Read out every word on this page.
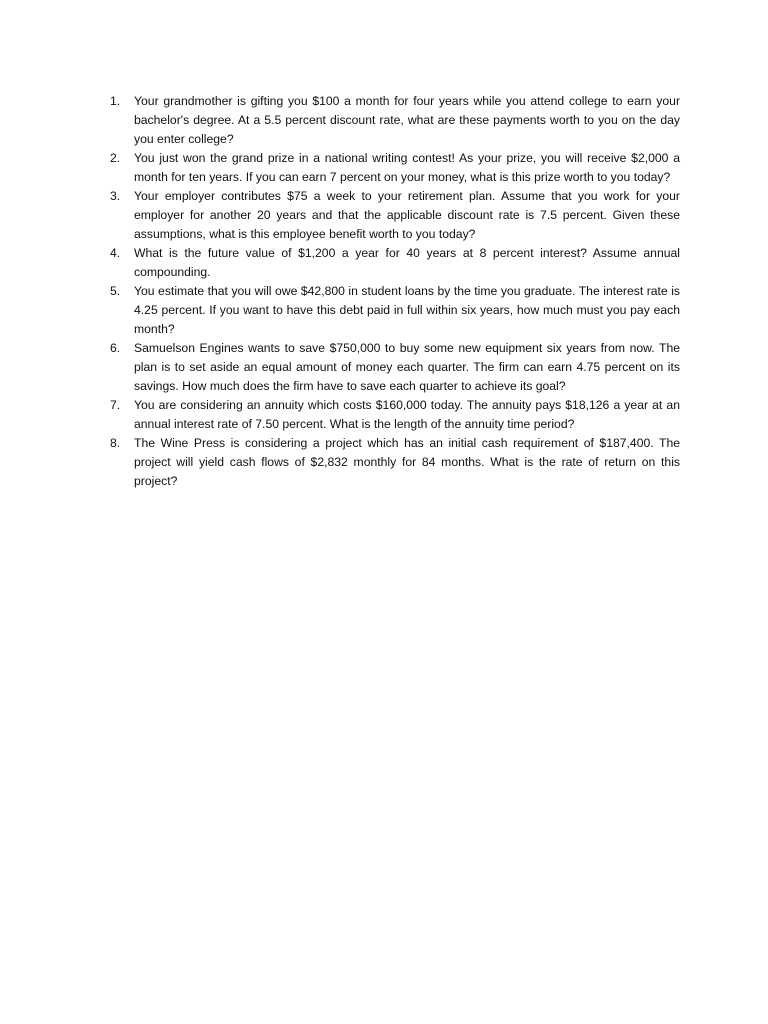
1.	Your grandmother is gifting you $100 a month for four years while you attend college to earn your bachelor's degree. At a 5.5 percent discount rate, what are these payments worth to you on the day you enter college?
2.	You just won the grand prize in a national writing contest! As your prize, you will receive $2,000 a month for ten years. If you can earn 7 percent on your money, what is this prize worth to you today?
3.	Your employer contributes $75 a week to your retirement plan. Assume that you work for your employer for another 20 years and that the applicable discount rate is 7.5 percent. Given these assumptions, what is this employee benefit worth to you today?
4.	What is the future value of $1,200 a year for 40 years at 8 percent interest? Assume annual compounding.
5.	You estimate that you will owe $42,800 in student loans by the time you graduate. The interest rate is 4.25 percent. If you want to have this debt paid in full within six years, how much must you pay each month?
6.	Samuelson Engines wants to save $750,000 to buy some new equipment six years from now. The plan is to set aside an equal amount of money each quarter. The firm can earn 4.75 percent on its savings. How much does the firm have to save each quarter to achieve its goal?
7.	You are considering an annuity which costs $160,000 today. The annuity pays $18,126 a year at an annual interest rate of 7.50 percent. What is the length of the annuity time period?
8.	The Wine Press is considering a project which has an initial cash requirement of $187,400. The project will yield cash flows of $2,832 monthly for 84 months. What is the rate of return on this project?
